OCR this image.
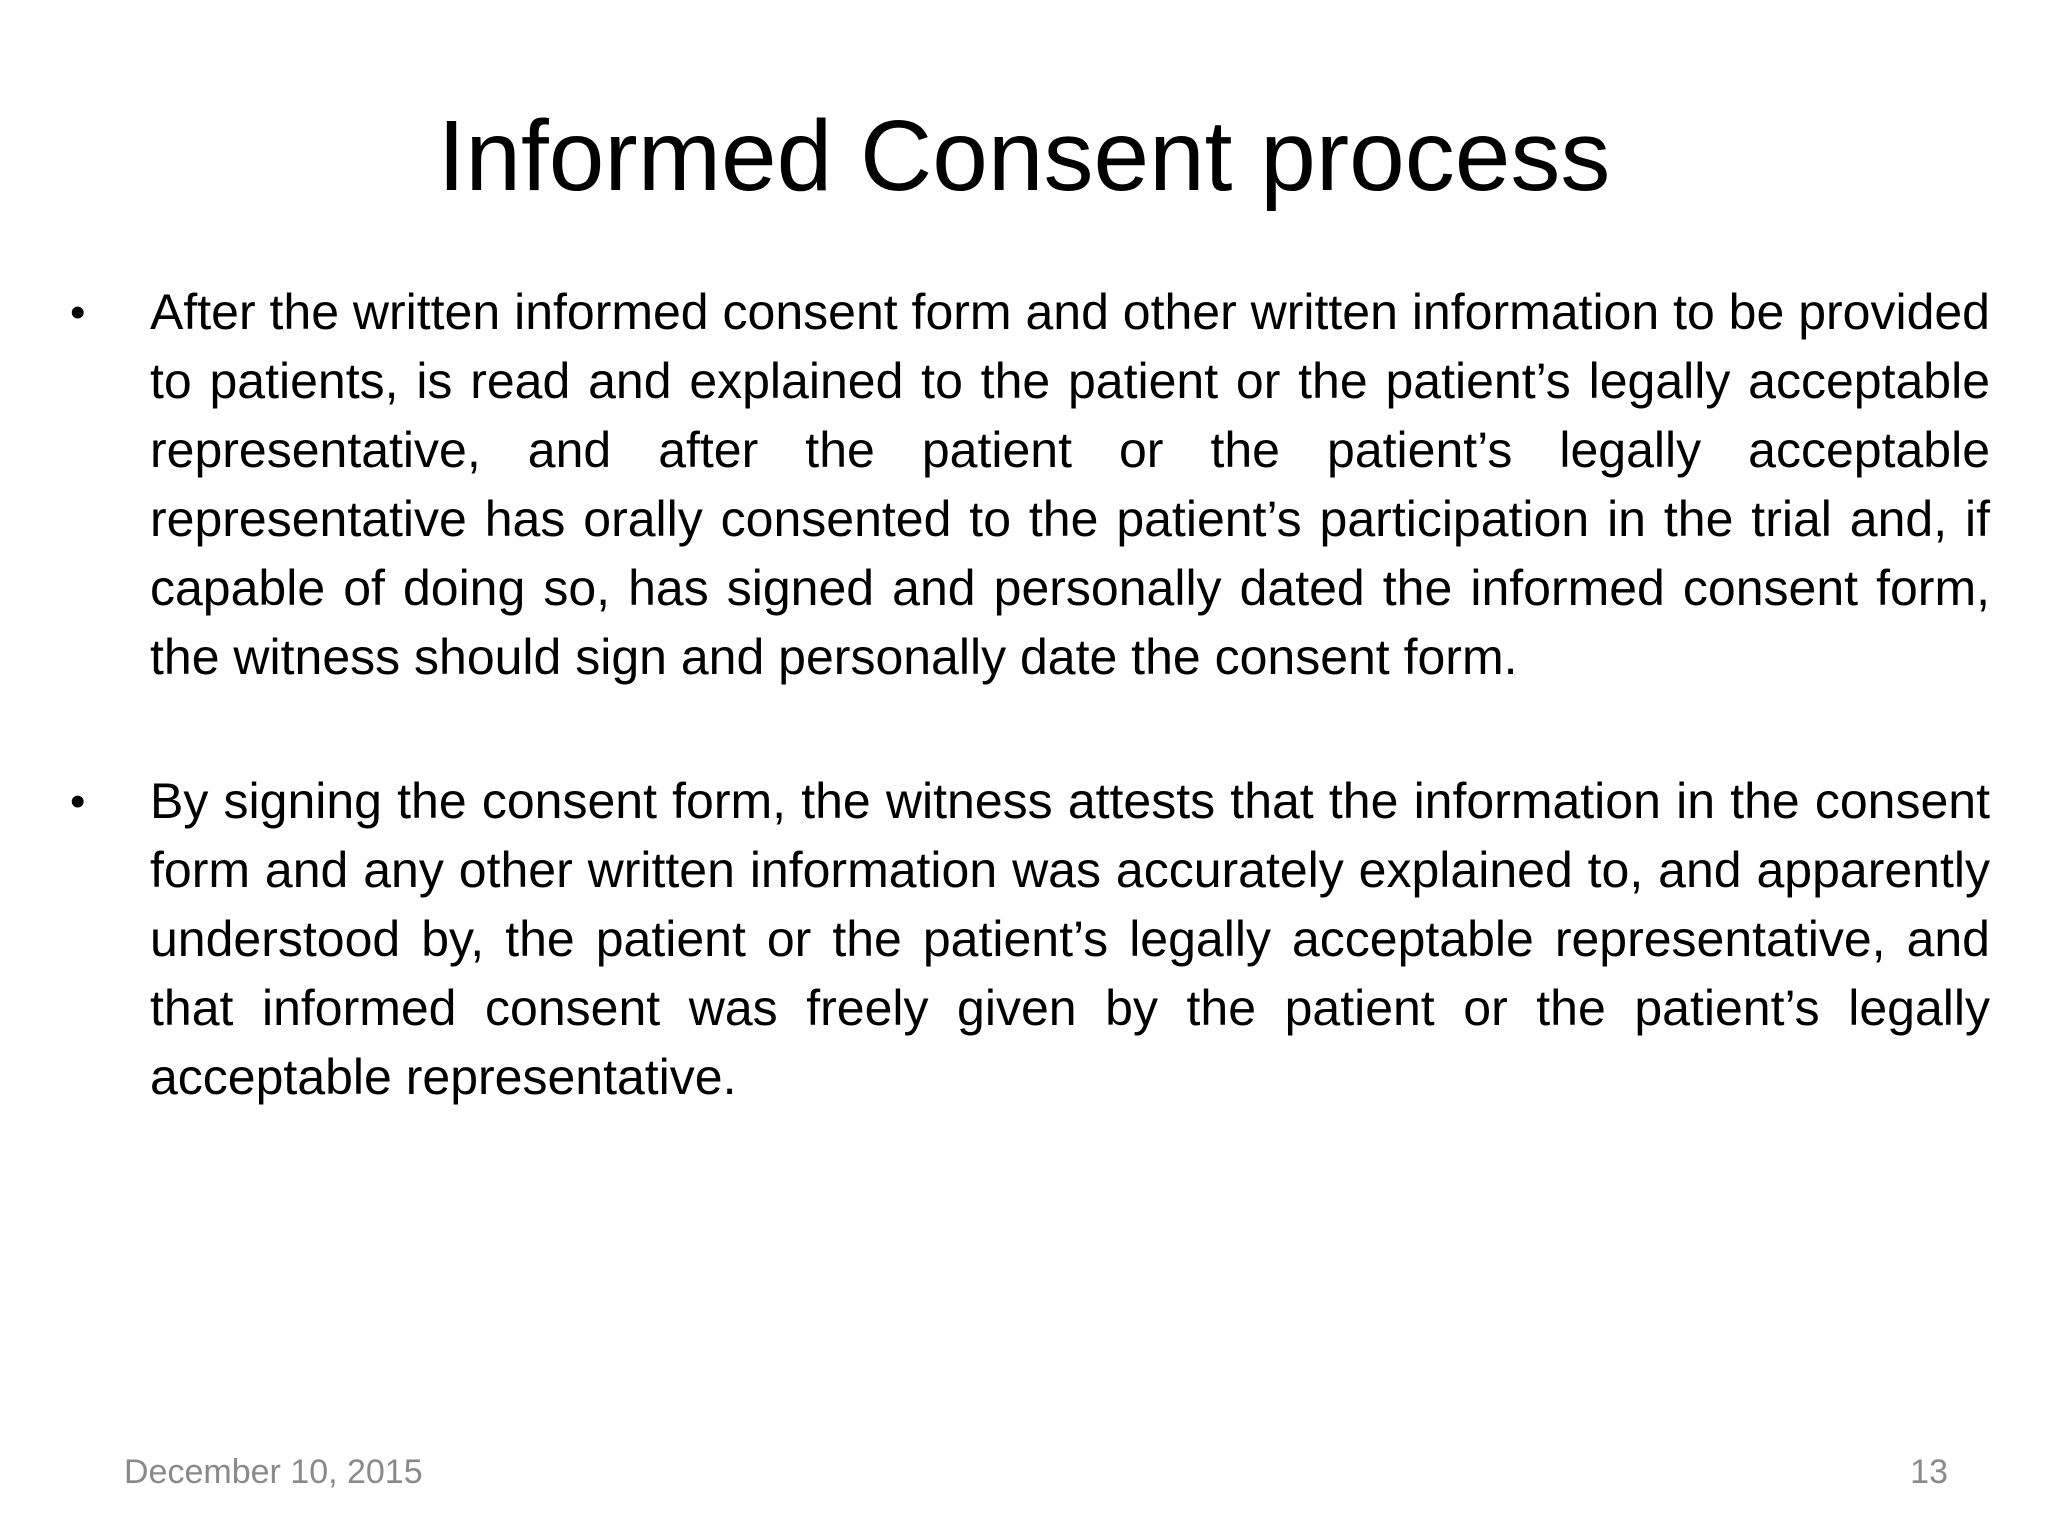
Informed Consent process
• After the written informed consent form and other written information to be provided to patients, is read and explained to the patient or the patient’s legally acceptable representative, and after the patient or the patient’s legally acceptable representative has orally consented to the patient’s participation in the trial and, if capable of doing so, has signed and personally dated the informed consent form, the witness should sign and personally date the consent form.
• By signing the consent form, the witness attests that the information in the consent form and any other written information was accurately explained to, and apparently understood by, the patient or the patient’s legally acceptable representative, and that informed consent was freely given by the patient or the patient’s legally acceptable representative.
December 10, 2015	13
